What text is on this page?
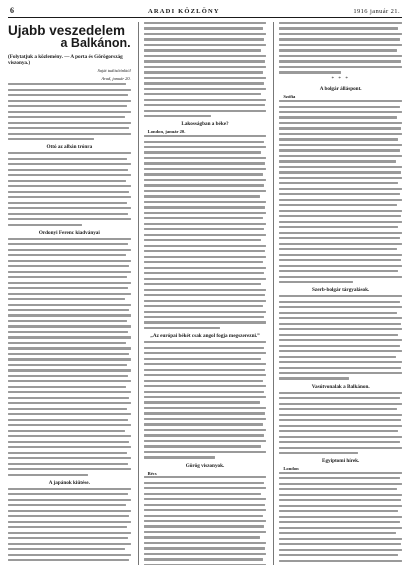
6	ARADI KÖZLÖNY	1916 január 21.
Ujabb veszedelem
a Balkánon.
(Folytatjuk a közlemény. — A porta és Görögország viszonya.)
Saját tudósítónktól
Arad, január 20.
Ottó az albán trónra
Ordonyi Ferenc kiadványai
A japánok kiütése.
Lakosságban a béke?

London, január 20.

„Az európai békét csak angol fogja megszerezni.”
Görög viszonyok.

Bécs

* * *
A bolgár álláspont.

Szófia

Szerb-bolgár tárgyalások.
Vasútvonalak a Balkánon.
Egyiptomi hírek.

London
